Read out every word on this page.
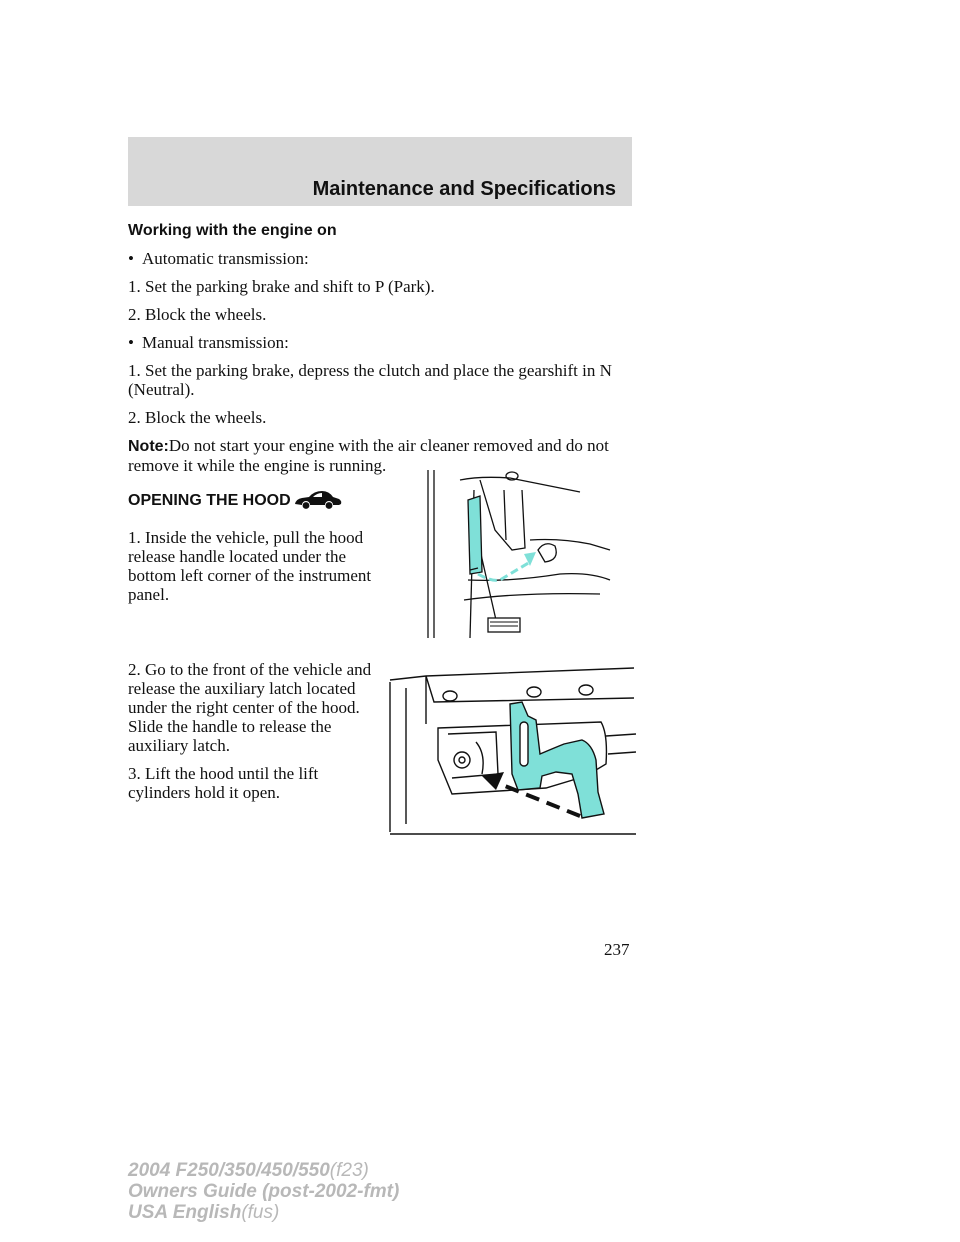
Maintenance and Specifications

Working with the engine on

• Automatic transmission:

1. Set the parking brake and shift to P (Park).

2. Block the wheels.

• Manual transmission:

1. Set the parking brake, depress the clutch and place the gearshift in N (Neutral).

2. Block the wheels.

Note:Do not start your engine with the air cleaner removed and do not remove it while the engine is running.

OPENING THE HOOD

1. Inside the vehicle, pull the hood release handle located under the bottom left corner of the instrument panel.

2. Go to the front of the vehicle and release the auxiliary latch located under the right center of the hood. Slide the handle to release the auxiliary latch.

3. Lift the hood until the lift cylinders hold it open.

237
2004 F250/350/450/550(f23)
Owners Guide (post-2002-fmt)
USA English(fus)
